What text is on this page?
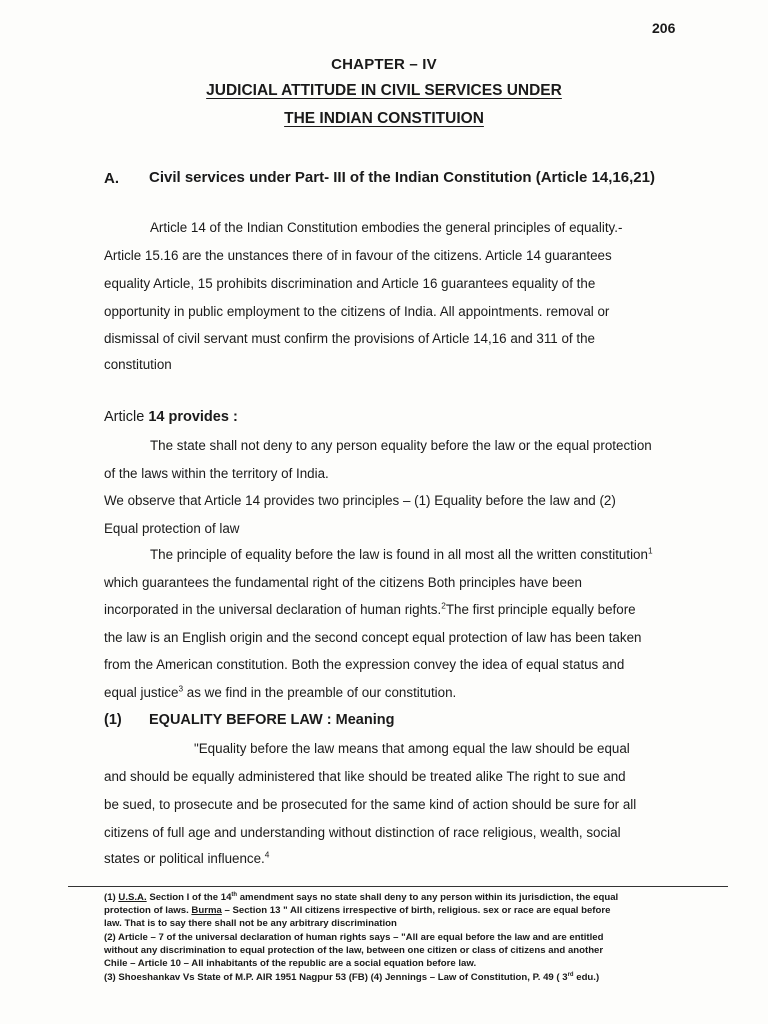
206
CHAPTER – IV
JUDICIAL ATTITUDE IN CIVIL SERVICES UNDER
THE INDIAN CONSTITUION
A. Civil services under Part- III of the Indian Constitution (Article 14,16,21)
Article 14 of the Indian Constitution embodies the general principles of equality.-
Article 15.16 are the unstances there of in favour of the citizens. Article 14 guarantees
equality Article, 15 prohibits discrimination and Article 16 guarantees equality of the
opportunity in public employment to the citizens of India. All appointments. removal or
dismissal of civil servant must confirm the provisions of Article 14,16 and 311 of the
constitution
Article 14 provides :
The state shall not deny to any person equality before the law or the equal protection
of the laws within the territory of India.
We observe that Article 14 provides two principles – (1) Equality before the law and (2)
Equal protection of law
The principle of equality before the law is found in all most all the written constitution$^1$
which guarantees the fundamental right of the citizens Both principles have been
incorporated in the universal declaration of human rights.$^2$The first principle equally before
the law is an English origin and the second concept equal protection of law has been taken
from the American constitution. Both the expression convey the idea of equal status and
equal justice$^3$ as we find in the preamble of our constitution.
(1) EQUALITY BEFORE LAW : Meaning
"Equality before the law means that among equal the law should be equal
and should be equally administered that like should be treated alike The right to sue and
be sued, to prosecute and be prosecuted for the same kind of action should be sure for all
citizens of full age and understanding without distinction of race religious, wealth, social
states or political influence.$^4$
(1) U.S.A. Section I of the 14th amendment says no state shall deny to any person within its jurisdiction, the equal
protection of laws. Burma – Section 13 " All citizens irrespective of birth, religious. sex or race are equal before
law. That is to say there shall not be any arbitrary discrimination
(2) Article – 7 of the universal declaration of human rights says – "All are equal before the law and are entitled
without any discrimination to equal protection of the law, between one citizen or class of citizens and another
Chile – Article 10 – All inhabitants of the republic are a social equation before law.
(3) Shoeshankav Vs State of M.P. AIR 1951 Nagpur 53 (FB) (4) Jennings – Law of Constitution, P. 49 ( 3rd edu.)
